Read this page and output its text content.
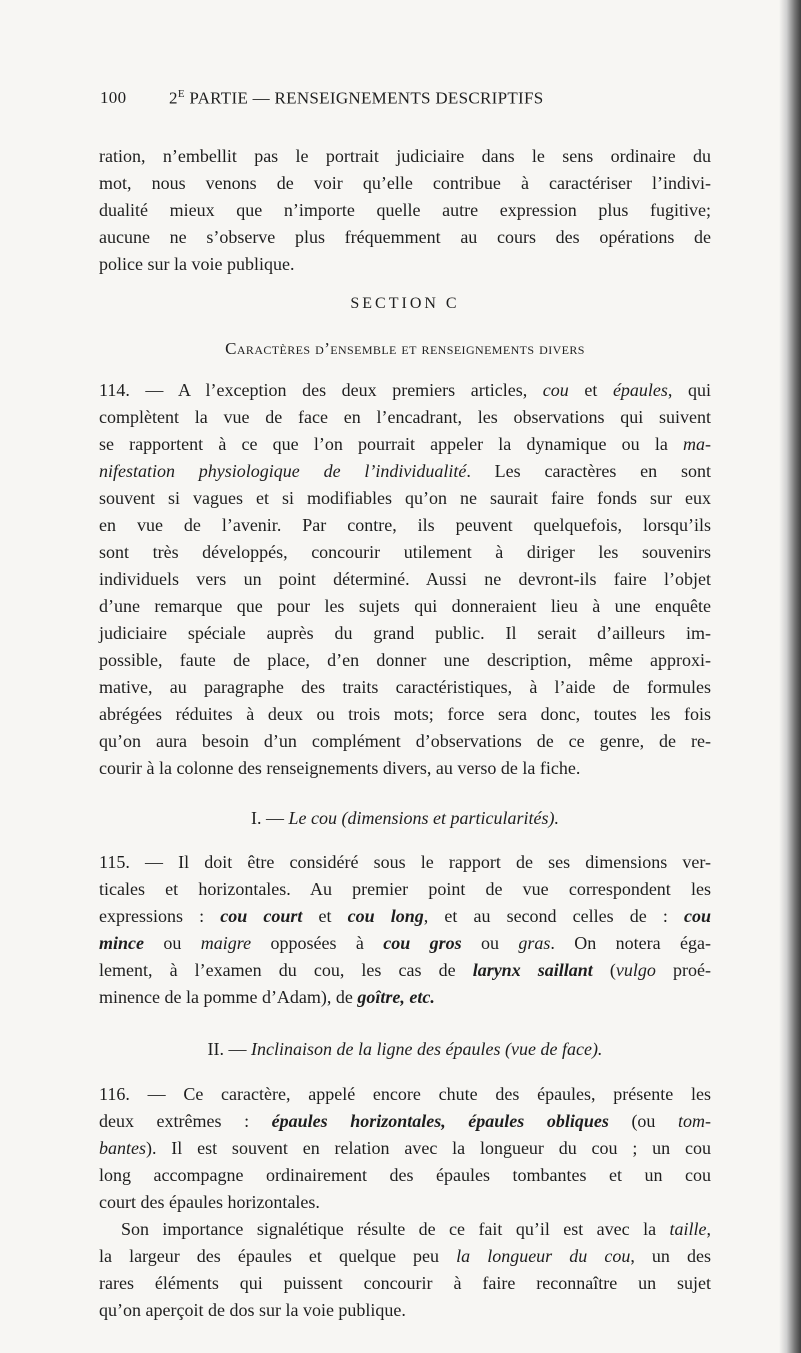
100	$2^E$ PARTIE — RENSEIGNEMENTS DESCRIPTIFS
ration, n’embellit pas le portrait judiciaire dans le sens ordinaire du
mot, nous venons de voir qu’elle contribue à caractériser l’indivi-
dualité mieux que n’importe quelle autre expression plus fugitive;
aucune ne s’observe plus fréquemment au cours des opérations de
police sur la voie publique.
SECTION C
Caractères d’ensemble et renseignements divers
114. — A l’exception des deux premiers articles, cou et épaules, qui
complètent la vue de face en l’encadrant, les observations qui suivent
se rapportent à ce que l’on pourrait appeler la dynamique ou la ma-
nifestation physiologique de l’individualité. Les caractères en sont
souvent si vagues et si modifiables qu’on ne saurait faire fonds sur eux
en vue de l’avenir. Par contre, ils peuvent quelquefois, lorsqu’ils
sont très développés, concourir utilement à diriger les souvenirs
individuels vers un point déterminé. Aussi ne devront-ils faire l’objet
d’une remarque que pour les sujets qui donneraient lieu à une enquête
judiciaire spéciale auprès du grand public. Il serait d’ailleurs im-
possible, faute de place, d’en donner une description, même approxi-
mative, au paragraphe des traits caractéristiques, à l’aide de formules
abrégées réduites à deux ou trois mots; force sera donc, toutes les fois
qu’on aura besoin d’un complément d’observations de ce genre, de re-
courir à la colonne des renseignements divers, au verso de la fiche.
I. — Le cou (dimensions et particularités).
115. — Il doit être considéré sous le rapport de ses dimensions ver-
ticales et horizontales. Au premier point de vue correspondent les
expressions : cou court et cou long, et au second celles de : cou
mince ou maigre opposées à cou gros ou gras. On notera éga-
lement, à l’examen du cou, les cas de larynx saillant (vulgo proé-
minence de la pomme d’Adam), de goître, etc.
II. — Inclinaison de la ligne des épaules (vue de face).
116. — Ce caractère, appelé encore chute des épaules, présente les
deux extrêmes : épaules horizontales, épaules obliques (ou tom-
bantes). Il est souvent en relation avec la longueur du cou ; un cou
long accompagne ordinairement des épaules tombantes et un cou
court des épaules horizontales.
Son importance signalétique résulte de ce fait qu’il est avec la taille,
la largeur des épaules et quelque peu la longueur du cou, un des
rares éléments qui puissent concourir à faire reconnaître un sujet
qu’on aperçoit de dos sur la voie publique.
